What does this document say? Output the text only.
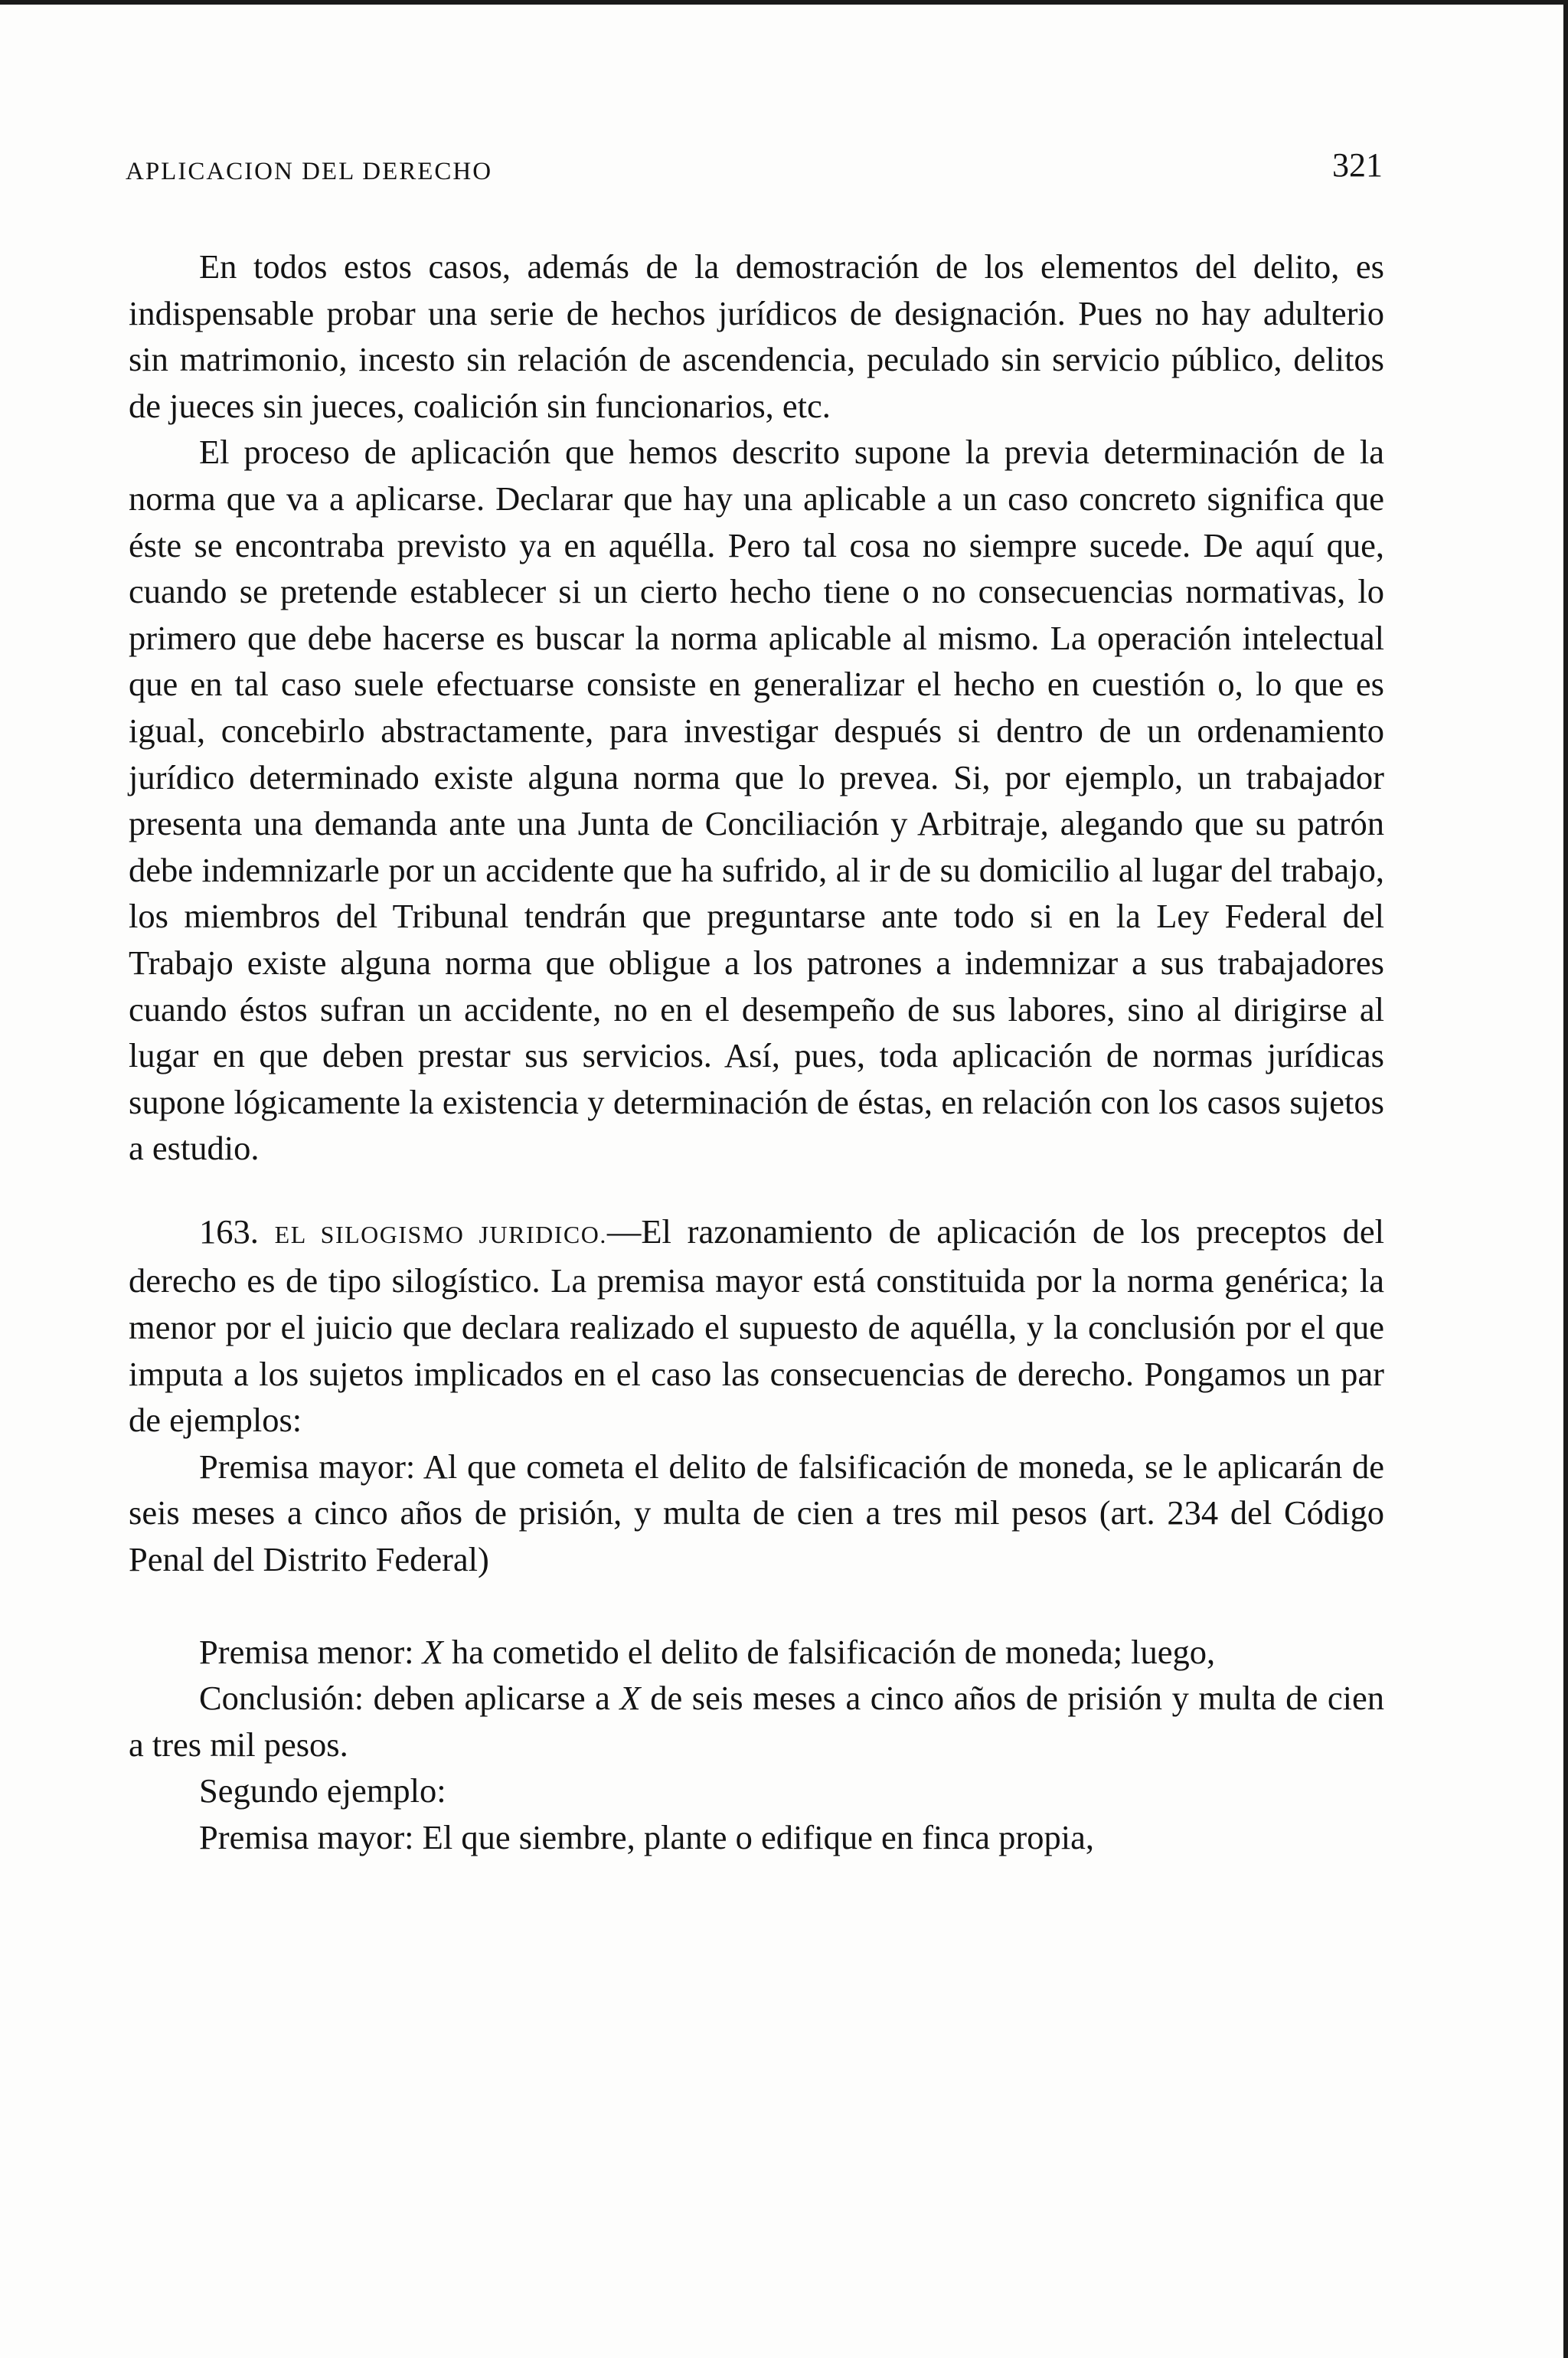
APLICACION DEL DERECHO	321

En todos estos casos, además de la demostración de los elementos del delito, es indispensable probar una serie de hechos jurídicos de designación. Pues no hay adulterio sin matrimonio, incesto sin relación de ascendencia, peculado sin servicio público, delitos de jueces sin jueces, coalición sin funcionarios, etc.

El proceso de aplicación que hemos descrito supone la previa determinación de la norma que va a aplicarse. Declarar que hay una aplicable a un caso concreto significa que éste se encontraba previsto ya en aquélla. Pero tal cosa no siempre sucede. De aquí que, cuando se pretende establecer si un cierto hecho tiene o no consecuencias normativas, lo primero que debe hacerse es buscar la norma aplicable al mismo. La operación intelectual que en tal caso suele efectuarse consiste en generalizar el hecho en cuestión o, lo que es igual, concebirlo abstractamente, para investigar después si dentro de un ordenamiento jurídico determinado existe alguna norma que lo prevea. Si, por ejemplo, un trabajador presenta una demanda ante una Junta de Conciliación y Arbitraje, alegando que su patrón debe indemnizarle por un accidente que ha sufrido, al ir de su domicilio al lugar del trabajo, los miembros del Tribunal tendrán que preguntarse ante todo si en la Ley Federal del Trabajo existe alguna norma que obligue a los patrones a indemnizar a sus trabajadores cuando éstos sufran un accidente, no en el desempeño de sus labores, sino al dirigirse al lugar en que deben prestar sus servicios. Así, pues, toda aplicación de normas jurídicas supone lógicamente la existencia y determinación de éstas, en relación con los casos sujetos a estudio.

163. EL SILOGISMO JURIDICO.—El razonamiento de aplicación de los preceptos del derecho es de tipo silogístico. La premisa mayor está constituida por la norma genérica; la menor por el juicio que declara realizado el supuesto de aquélla, y la conclusión por el que imputa a los sujetos implicados en el caso las consecuencias de derecho. Pongamos un par de ejemplos:

Premisa mayor: Al que cometa el delito de falsificación de moneda, se le aplicarán de seis meses a cinco años de prisión, y multa de cien a tres mil pesos (art. 234 del Código Penal del Distrito Federal)

Premisa menor: X ha cometido el delito de falsificación de moneda; luego,

Conclusión: deben aplicarse a X de seis meses a cinco años de prisión y multa de cien a tres mil pesos.

Segundo ejemplo:

Premisa mayor: El que siembre, plante o edifique en finca propia,
